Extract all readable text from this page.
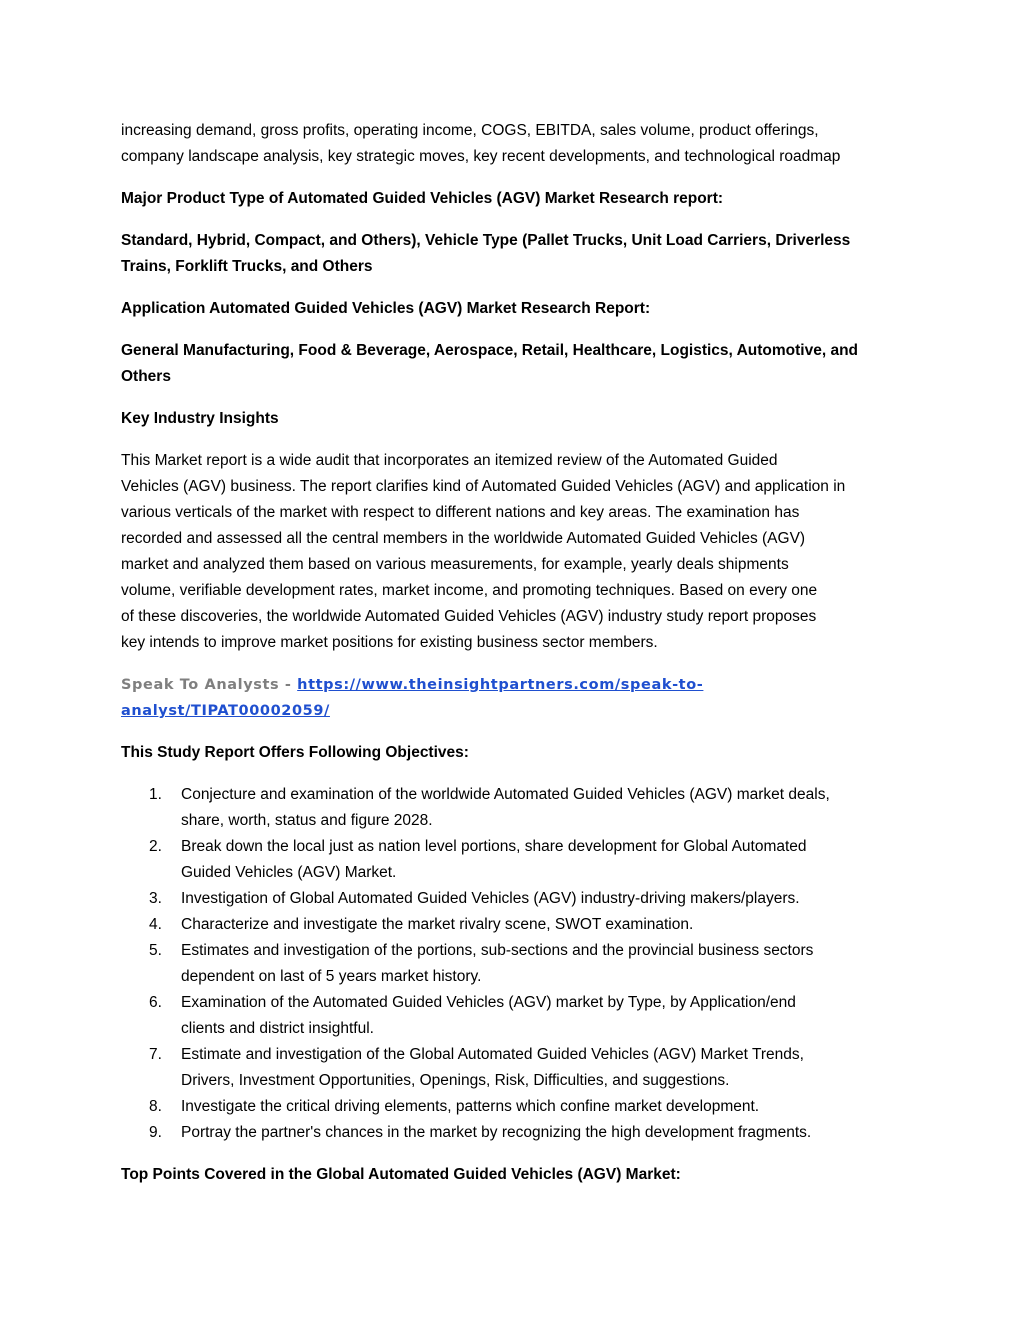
increasing demand, gross profits, operating income, COGS, EBITDA, sales volume, product offerings,
company landscape analysis, key strategic moves, key recent developments, and technological roadmap

Major Product Type of Automated Guided Vehicles (AGV) Market Research report:

Standard, Hybrid, Compact, and Others), Vehicle Type (Pallet Trucks, Unit Load Carriers, Driverless
Trains, Forklift Trucks, and Others

Application Automated Guided Vehicles (AGV) Market Research Report:

General Manufacturing, Food & Beverage, Aerospace, Retail, Healthcare, Logistics, Automotive, and
Others

Key Industry Insights

This Market report is a wide audit that incorporates an itemized review of the Automated Guided
Vehicles (AGV) business. The report clarifies kind of Automated Guided Vehicles (AGV) and application in
various verticals of the market with respect to different nations and key areas. The examination has
recorded and assessed all the central members in the worldwide Automated Guided Vehicles (AGV)
market and analyzed them based on various measurements, for example, yearly deals shipments
volume, verifiable development rates, market income, and promoting techniques. Based on every one
of these discoveries, the worldwide Automated Guided Vehicles (AGV) industry study report proposes
key intends to improve market positions for existing business sector members.

Speak To Analysts - https://www.theinsightpartners.com/speak-to-
analyst/TIPAT00002059/

This Study Report Offers Following Objectives:

1. Conjecture and examination of the worldwide Automated Guided Vehicles (AGV) market deals,
share, worth, status and figure 2028.
2. Break down the local just as nation level portions, share development for Global Automated
Guided Vehicles (AGV) Market.
3. Investigation of Global Automated Guided Vehicles (AGV) industry-driving makers/players.
4. Characterize and investigate the market rivalry scene, SWOT examination.
5. Estimates and investigation of the portions, sub-sections and the provincial business sectors
dependent on last of 5 years market history.
6. Examination of the Automated Guided Vehicles (AGV) market by Type, by Application/end
clients and district insightful.
7. Estimate and investigation of the Global Automated Guided Vehicles (AGV) Market Trends,
Drivers, Investment Opportunities, Openings, Risk, Difficulties, and suggestions.
8. Investigate the critical driving elements, patterns which confine market development.
9. Portray the partner's chances in the market by recognizing the high development fragments.

Top Points Covered in the Global Automated Guided Vehicles (AGV) Market:
